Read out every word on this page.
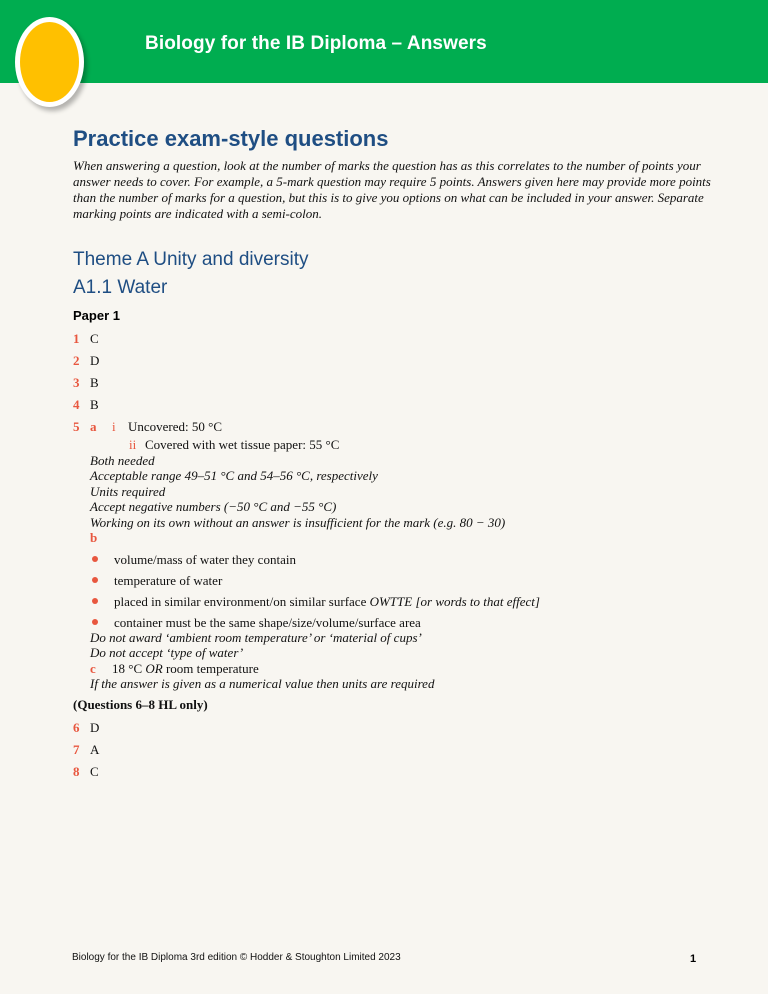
Biology for the IB Diploma – Answers
Practice exam-style questions
When answering a question, look at the number of marks the question has as this correlates to the number of points your answer needs to cover. For example, a 5-mark question may require 5 points. Answers given here may provide more points than the number of marks for a question, but this is to give you options on what can be included in your answer. Separate marking points are indicated with a semi-colon.
Theme A Unity and diversity
A1.1 Water
Paper 1
1 C
2 D
3 B
4 B
5 a	i Uncovered: 50 °C
ii Covered with wet tissue paper: 55 °C
Both needed
Acceptable range 49–51 °C and 54–56 °C, respectively
Units required
Accept negative numbers (−50 °C and −55 °C)
Working on its own without an answer is insufficient for the mark (e.g. 80 − 30)
b
volume/mass of water they contain
temperature of water
placed in similar environment/on similar surface
OWTTE [or words to that effect]
container must be the same shape/size/volume/surface area
Do not award ‘ambient room temperature’ or ‘material of cups’
Do not accept ‘type of water’
c	18 °C
OR
room temperature
If the answer is given as a numerical value then units are required
(Questions 6–8 HL only)
6 D
7 A
8 C
Biology for the IB Diploma 3rd edition © Hodder & Stoughton Limited 2023	1
